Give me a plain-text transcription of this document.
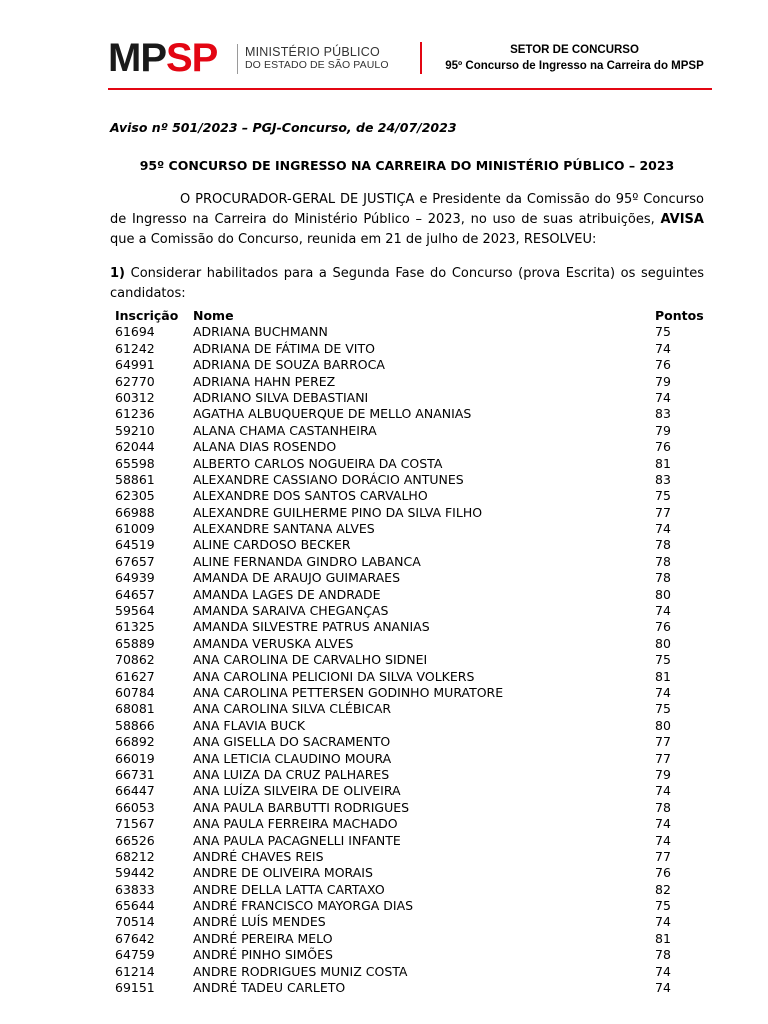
MPSP MINISTÉRIO PÚBLICO
DO ESTADO DE SÃO PAULO
SETOR DE CONCURSO
95º Concurso de Ingresso na Carreira do MPSP

Aviso nº 501/2023 – PGJ-Concurso, de 24/07/2023

95º CONCURSO DE INGRESSO NA CARREIRA DO MINISTÉRIO PÚBLICO – 2023

O PROCURADOR-GERAL DE JUSTIÇA e Presidente da Comissão do 95º Concurso de Ingresso na Carreira do Ministério Público – 2023, no uso de suas atribuições, AVISA que a Comissão do Concurso, reunida em 21 de julho de 2023, RESOLVEU:

1) Considerar habilitados para a Segunda Fase do Concurso (prova Escrita) os seguintes candidatos:

Inscrição Nome	Pontos
61694	ADRIANA BUCHMANN	75
61242	ADRIANA DE FÁTIMA DE VITO	74
64991	ADRIANA DE SOUZA BARROCA	76
62770	ADRIANA HAHN PEREZ	79
60312	ADRIANO SILVA DEBASTIANI	74
61236	AGATHA ALBUQUERQUE DE MELLO ANANIAS	83
59210	ALANA CHAMA CASTANHEIRA	79
62044	ALANA DIAS ROSENDO	76
65598	ALBERTO CARLOS NOGUEIRA DA COSTA	81
58861	ALEXANDRE CASSIANO DORÁCIO ANTUNES	83
62305	ALEXANDRE DOS SANTOS CARVALHO	75
66988	ALEXANDRE GUILHERME PINO DA SILVA FILHO	77
61009	ALEXANDRE SANTANA ALVES	74
64519	ALINE CARDOSO BECKER	78
67657	ALINE FERNANDA GINDRO LABANCA	78
64939	AMANDA DE ARAUJO GUIMARAES	78
64657	AMANDA LAGES DE ANDRADE	80
59564	AMANDA SARAIVA CHEGANÇAS	74
61325	AMANDA SILVESTRE PATRUS ANANIAS	76
65889	AMANDA VERUSKA ALVES	80
70862	ANA CAROLINA DE CARVALHO SIDNEI	75
61627	ANA CAROLINA PELICIONI DA SILVA VOLKERS	81
60784	ANA CAROLINA PETTERSEN GODINHO MURATORE	74
68081	ANA CAROLINA SILVA CLÉBICAR	75
58866	ANA FLAVIA BUCK	80
66892	ANA GISELLA DO SACRAMENTO	77
66019	ANA LETICIA CLAUDINO MOURA	77
66731	ANA LUIZA DA CRUZ PALHARES	79
66447	ANA LUÍZA SILVEIRA DE OLIVEIRA	74
66053	ANA PAULA BARBUTTI RODRIGUES	78
71567	ANA PAULA FERREIRA MACHADO	74
66526	ANA PAULA PACAGNELLI INFANTE	74
68212	ANDRÉ CHAVES REIS	77
59442	ANDRE DE OLIVEIRA MORAIS	76
63833	ANDRE DELLA LATTA CARTAXO	82
65644	ANDRÉ FRANCISCO MAYORGA DIAS	75
70514	ANDRÉ LUÍS MENDES	74
67642	ANDRÉ PEREIRA MELO	81
64759	ANDRÉ PINHO SIMÕES	78
61214	ANDRE RODRIGUES MUNIZ COSTA	74
69151	ANDRÉ TADEU CARLETO	74
